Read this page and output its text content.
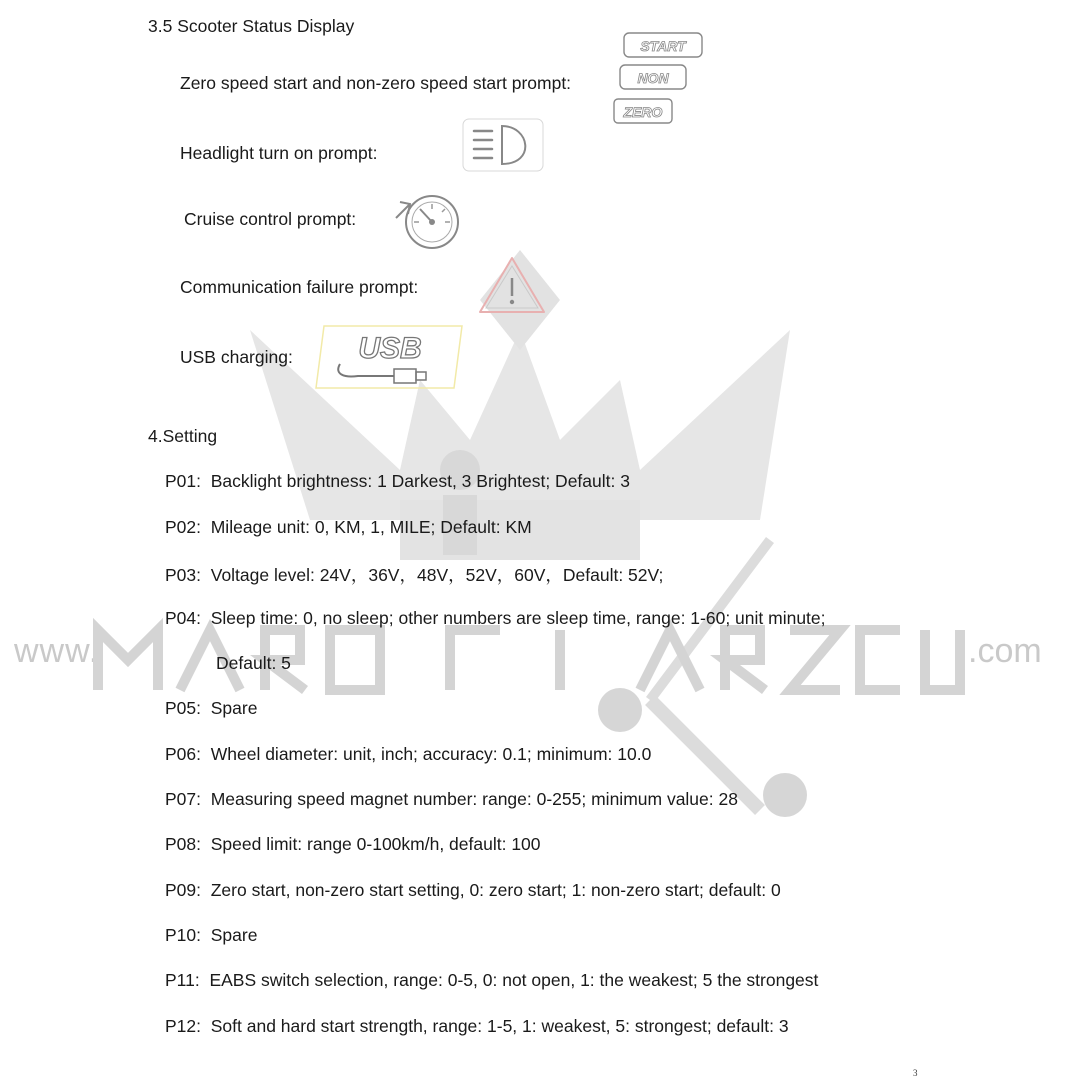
www.	.com
3.5 Scooter Status Display
Zero speed start and non-zero speed start prompt:
START
NON
ZERO
Headlight turn on prompt:
Cruise control prompt:
Communication failure prompt:
USB charging: USB
4.Setting
P01: Backlight brightness: 1 Darkest, 3 Brightest; Default: 3
P02: Mileage unit: 0, KM, 1, MILE; Default: KM
P03: Voltage level: 24V，36V，48V，52V，60V，Default: 52V;
P04: Sleep time: 0, no sleep; other numbers are sleep time, range: 1-60; unit minute;
Default: 5
P05: Spare
P06: Wheel diameter: unit, inch; accuracy: 0.1; minimum: 10.0
P07: Measuring speed magnet number: range: 0-255; minimum value: 28
P08: Speed limit: range 0-100km/h, default: 100
P09: Zero start, non-zero start setting, 0: zero start; 1: non-zero start; default: 0
P10: Spare
P11: EABS switch selection, range: 0-5, 0: not open, 1: the weakest; 5 the strongest
P12: Soft and hard start strength, range: 1-5, 1: weakest, 5: strongest; default: 3
3
